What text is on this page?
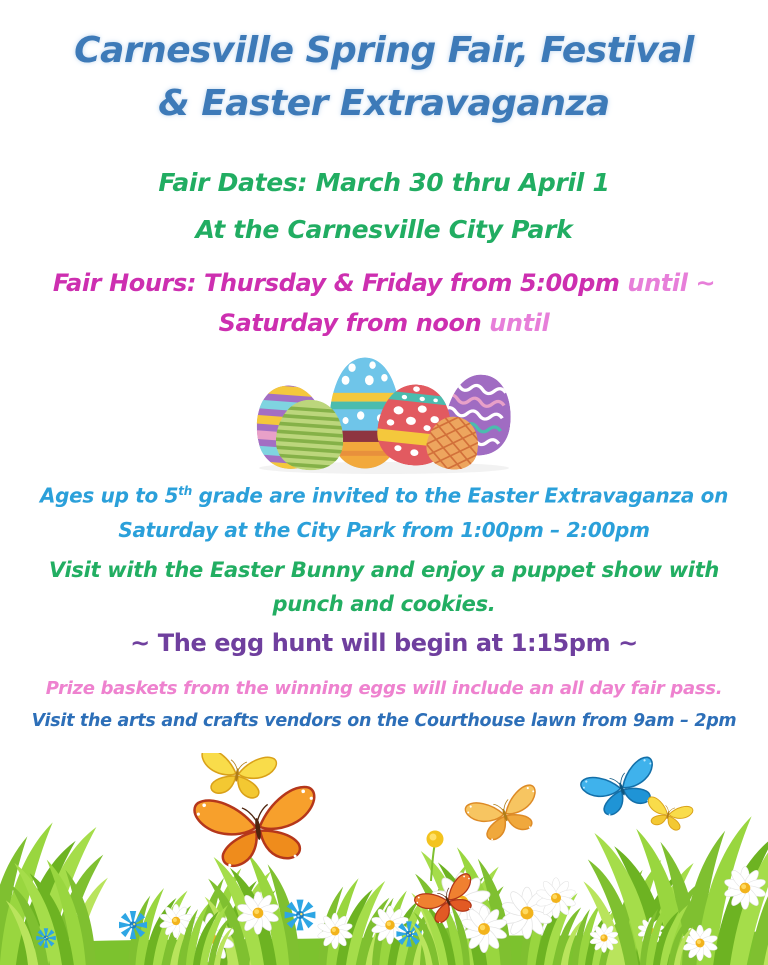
Carnesville Spring Fair, Festival
& Easter Extravaganza

Fair Dates: March 30 thru April 1

At the Carnesville City Park

Fair Hours: Thursday & Friday from 5:00pm until ~
Saturday from noon until

Ages up to 5th grade are invited to the Easter Extravaganza on
Saturday at the City Park from 1:00pm – 2:00pm

Visit with the Easter Bunny and enjoy a puppet show with
punch and cookies.

~ The egg hunt will begin at 1:15pm ~

Prize baskets from the winning eggs will include an all day fair pass.

Visit the arts and crafts vendors on the Courthouse lawn from 9am – 2pm
